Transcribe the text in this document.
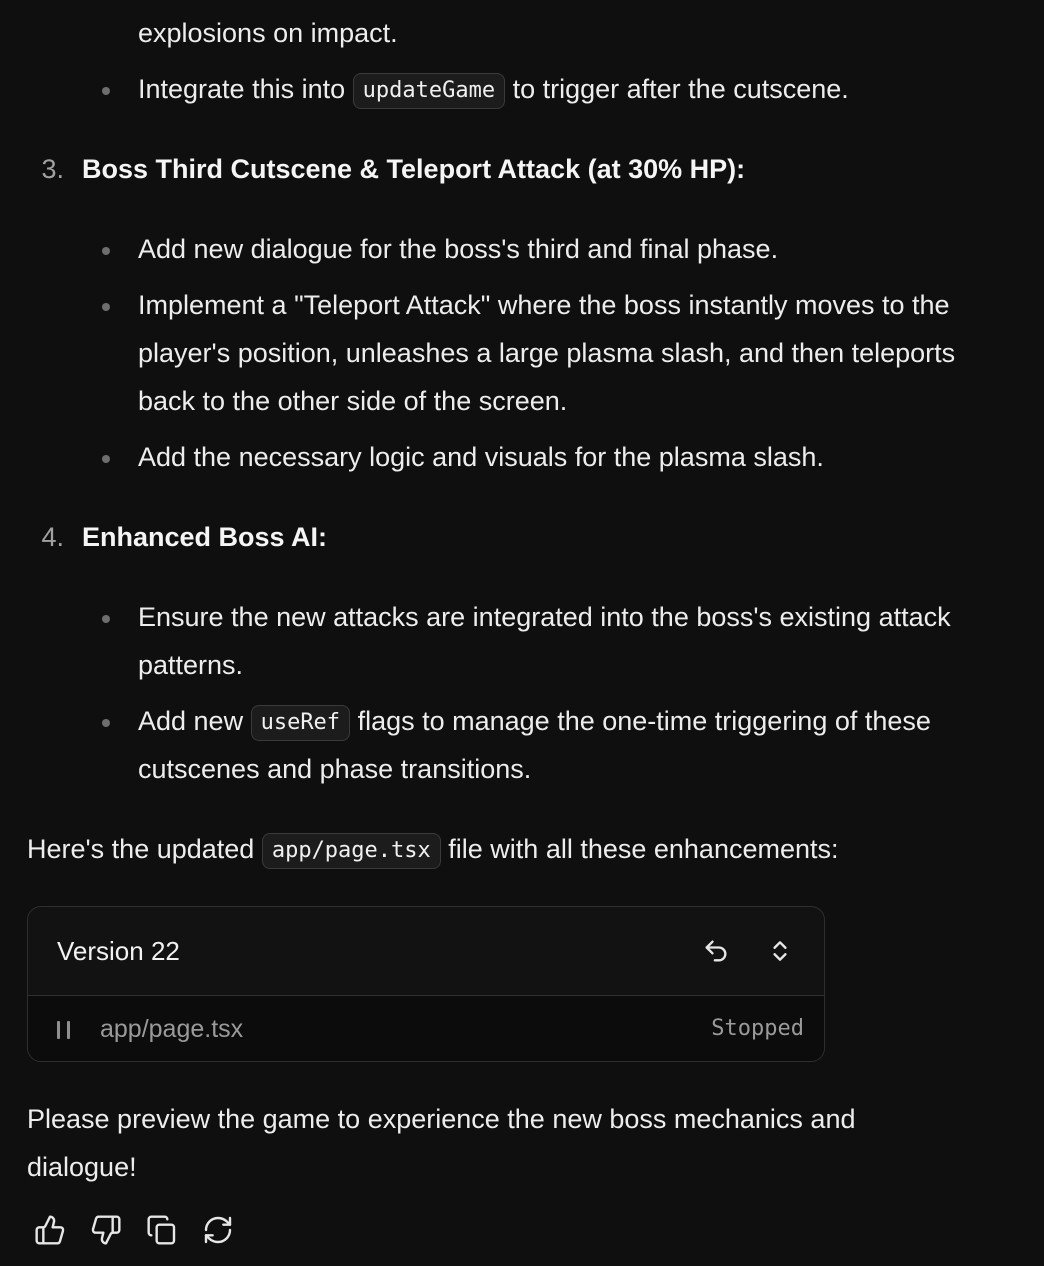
explosions on impact.
Integrate this into updateGame to trigger after the cutscene.
3. Boss Third Cutscene & Teleport Attack (at 30% HP):
Add new dialogue for the boss's third and final phase.
Implement a "Teleport Attack" where the boss instantly moves to the
player's position, unleashes a large plasma slash, and then teleports
back to the other side of the screen.
Add the necessary logic and visuals for the plasma slash.
4. Enhanced Boss AI:
Ensure the new attacks are integrated into the boss's existing attack
patterns.
Add new useRef flags to manage the one-time triggering of these
cutscenes and phase transitions.
Here's the updated app/page.tsx file with all these enhancements:
Version 22
app/page.tsx	Stopped
Please preview the game to experience the new boss mechanics and
dialogue!
